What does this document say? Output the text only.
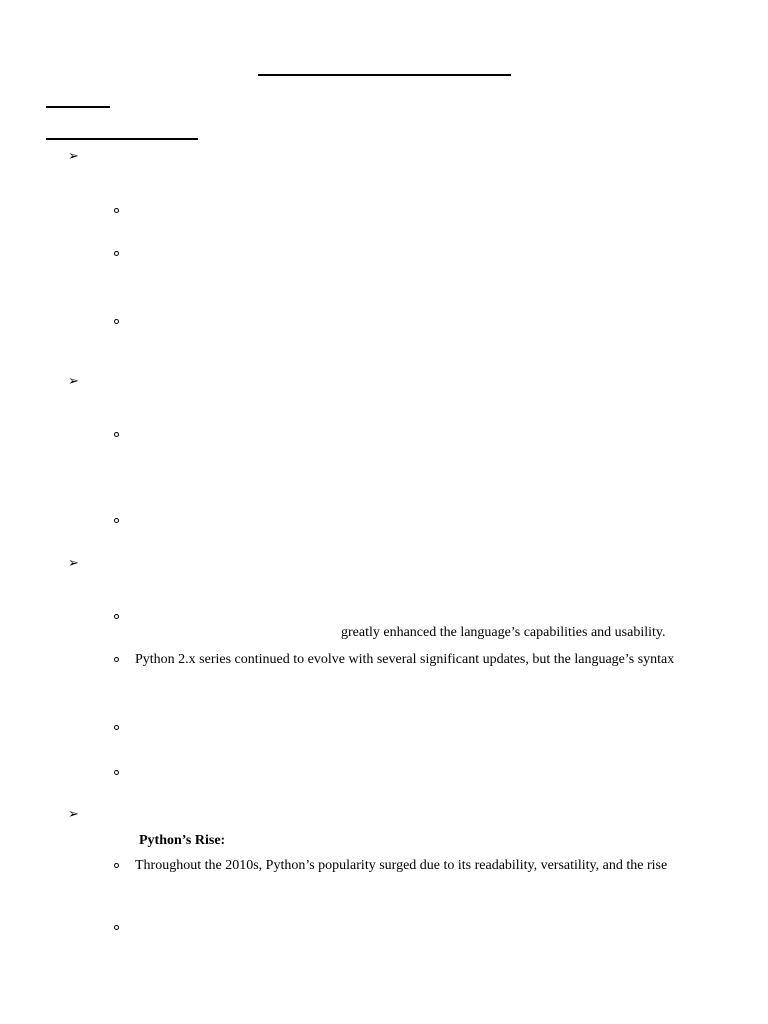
➢
➢
➢
greatly enhanced the language’s capabilities and usability.
Python 2.x series continued to evolve with several significant updates, but the language’s syntax
➢
Python’s Rise:
Throughout the 2010s, Python’s popularity surged due to its readability, versatility, and the rise
